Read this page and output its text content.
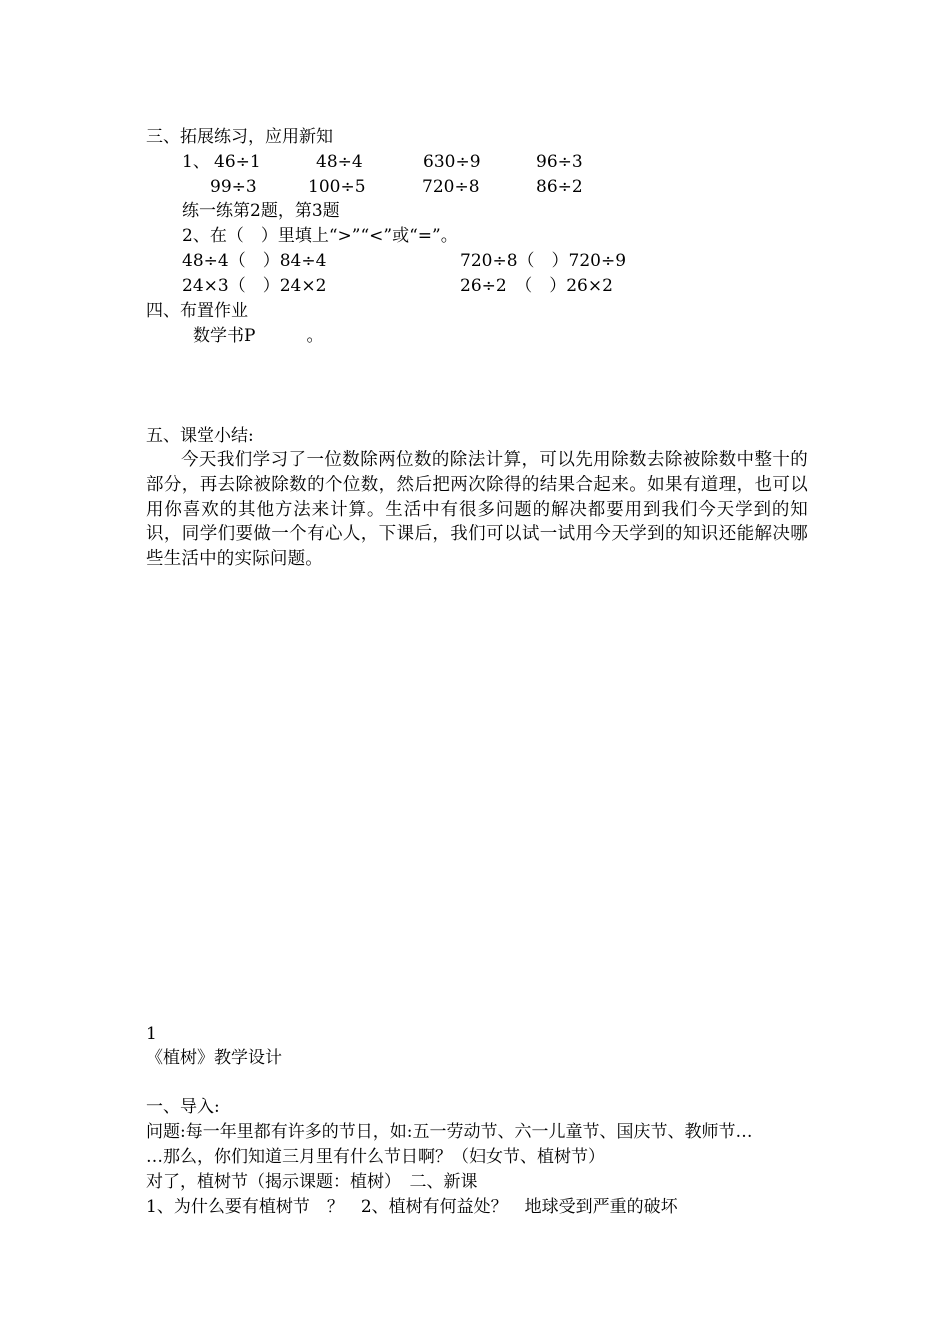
三、拓展练习，应用新知
1、 46÷1	48÷4	630÷9	96÷3
99÷3	100÷5	720÷8	86÷2
练一练第2题，第3题
2、在（　）里填上“>”“<”或“=”。
48÷4（　）84÷4	720÷8（　）720÷9
24×3（　）24×2	26÷2　（　）26×2
四、布置作业
数学书P　　　。
五、课堂小结:
今天我们学习了一位数除两位数的除法计算，可以先用除数去除被除数中整十的部分，再去除被除数的个位数，然后把两次除得的结果合起来。如果有道理，也可以用你喜欢的其他方法来计算。生活中有很多问题的解决都要用到我们今天学到的知识，同学们要做一个有心人，下课后，我们可以试一试用今天学到的知识还能解决哪些生活中的实际问题。
1
《植树》教学设计
一、导入:
问题:每一年里都有许多的节日，如:五一劳动节、六一儿童节、国庆节、教师节…
…那么，你们知道三月里有什么节日啊？（妇女节、植树节）
对了，植树节（揭示课题：植树）　二、新课
1、为什么要有植树节　？　2、植树有何益处？　地球受到严重的破坏
